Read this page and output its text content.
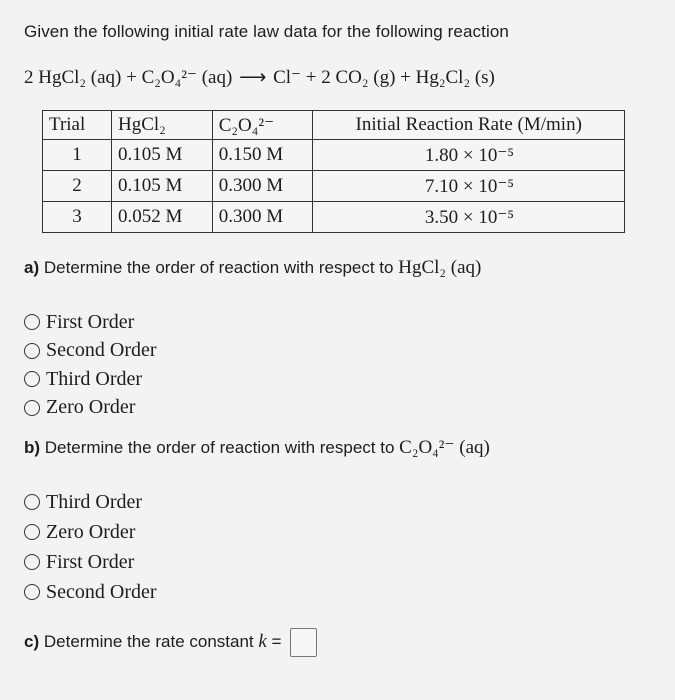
Given the following initial rate law data for the following reaction
2 HgCl₂ (aq) + C₂O₄²⁻ (aq) ⟶ Cl⁻ + 2 CO₂ (g) + Hg₂Cl₂ (s)
Trial	HgCl₂	C₂O₄²⁻	Initial Reaction Rate (M/min)
1	0.105 M	0.150 M	1.80 × 10⁻⁵
2	0.105 M	0.300 M	7.10 × 10⁻⁵
3	0.052 M	0.300 M	3.50 × 10⁻⁵
a) Determine the order of reaction with respect to HgCl₂ (aq)
First Order
Second Order
Third Order
Zero Order
b) Determine the order of reaction with respect to C₂O₄²⁻ (aq)
Third Order
Zero Order
First Order
Second Order
c) Determine the rate constant k =
